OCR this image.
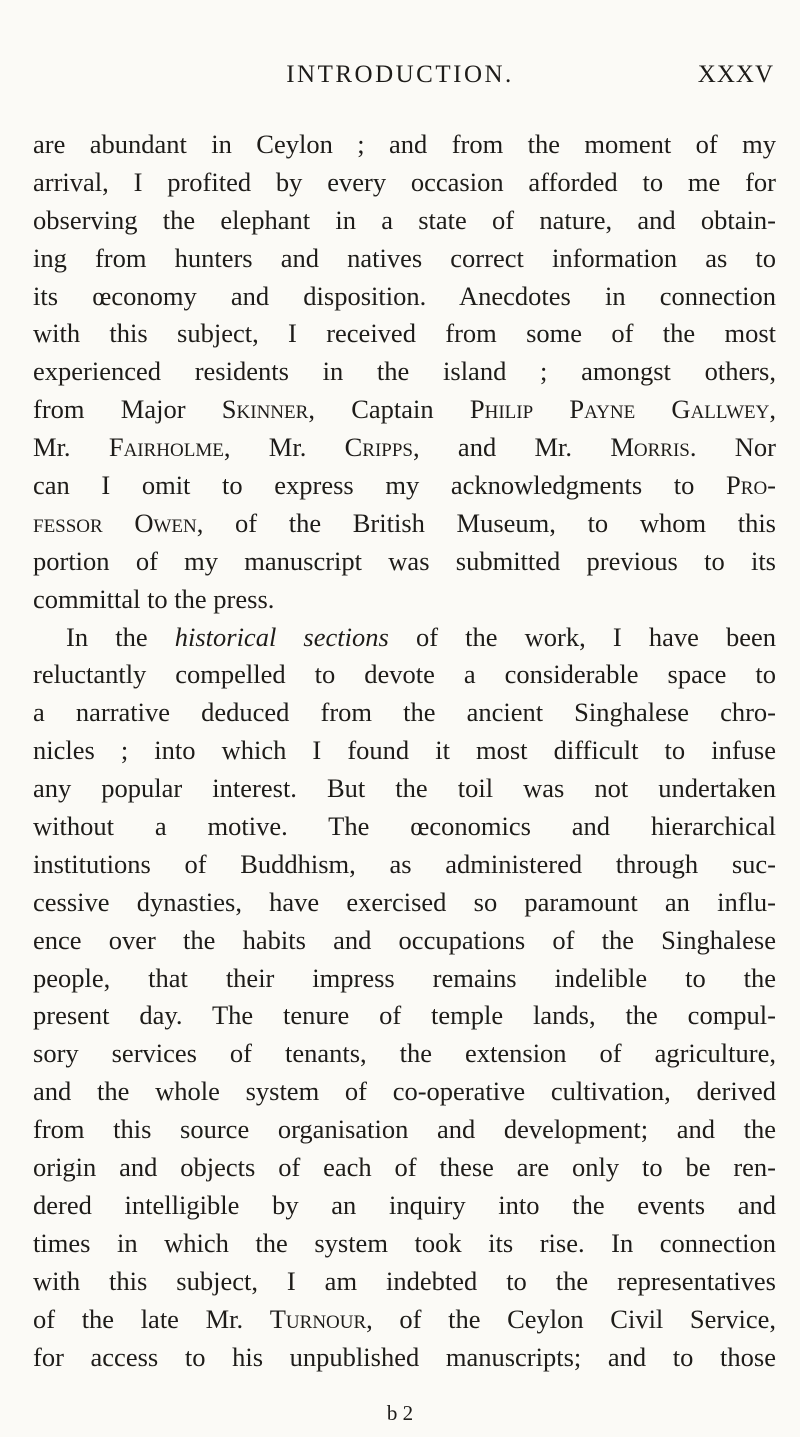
INTRODUCTION.	XXXV
are abundant in Ceylon ; and from the moment of my
arrival, I profited by every occasion afforded to me for
observing the elephant in a state of nature, and obtain-
ing from hunters and natives correct information as to
its œconomy and disposition. Anecdotes in connection
with this subject, I received from some of the most
experienced residents in the island ; amongst others,
from Major Skinner, Captain Philip Payne Gallwey,
Mr. Fairholme, Mr. Cripps, and Mr. Morris. Nor
can I omit to express my acknowledgments to Pro-
fessor Owen, of the British Museum, to whom this
portion of my manuscript was submitted previous to its
committal to the press.
In the historical sections of the work, I have been
reluctantly compelled to devote a considerable space to
a narrative deduced from the ancient Singhalese chro-
nicles ; into which I found it most difficult to infuse
any popular interest. But the toil was not undertaken
without a motive. The œconomics and hierarchical
institutions of Buddhism, as administered through suc-
cessive dynasties, have exercised so paramount an influ-
ence over the habits and occupations of the Singhalese
people, that their impress remains indelible to the
present day. The tenure of temple lands, the compul-
sory services of tenants, the extension of agriculture,
and the whole system of co-operative cultivation, derived
from this source organisation and development; and the
origin and objects of each of these are only to be ren-
dered intelligible by an inquiry into the events and
times in which the system took its rise. In connection
with this subject, I am indebted to the representatives
of the late Mr. Turnour, of the Ceylon Civil Service,
for access to his unpublished manuscripts; and to those
b 2
